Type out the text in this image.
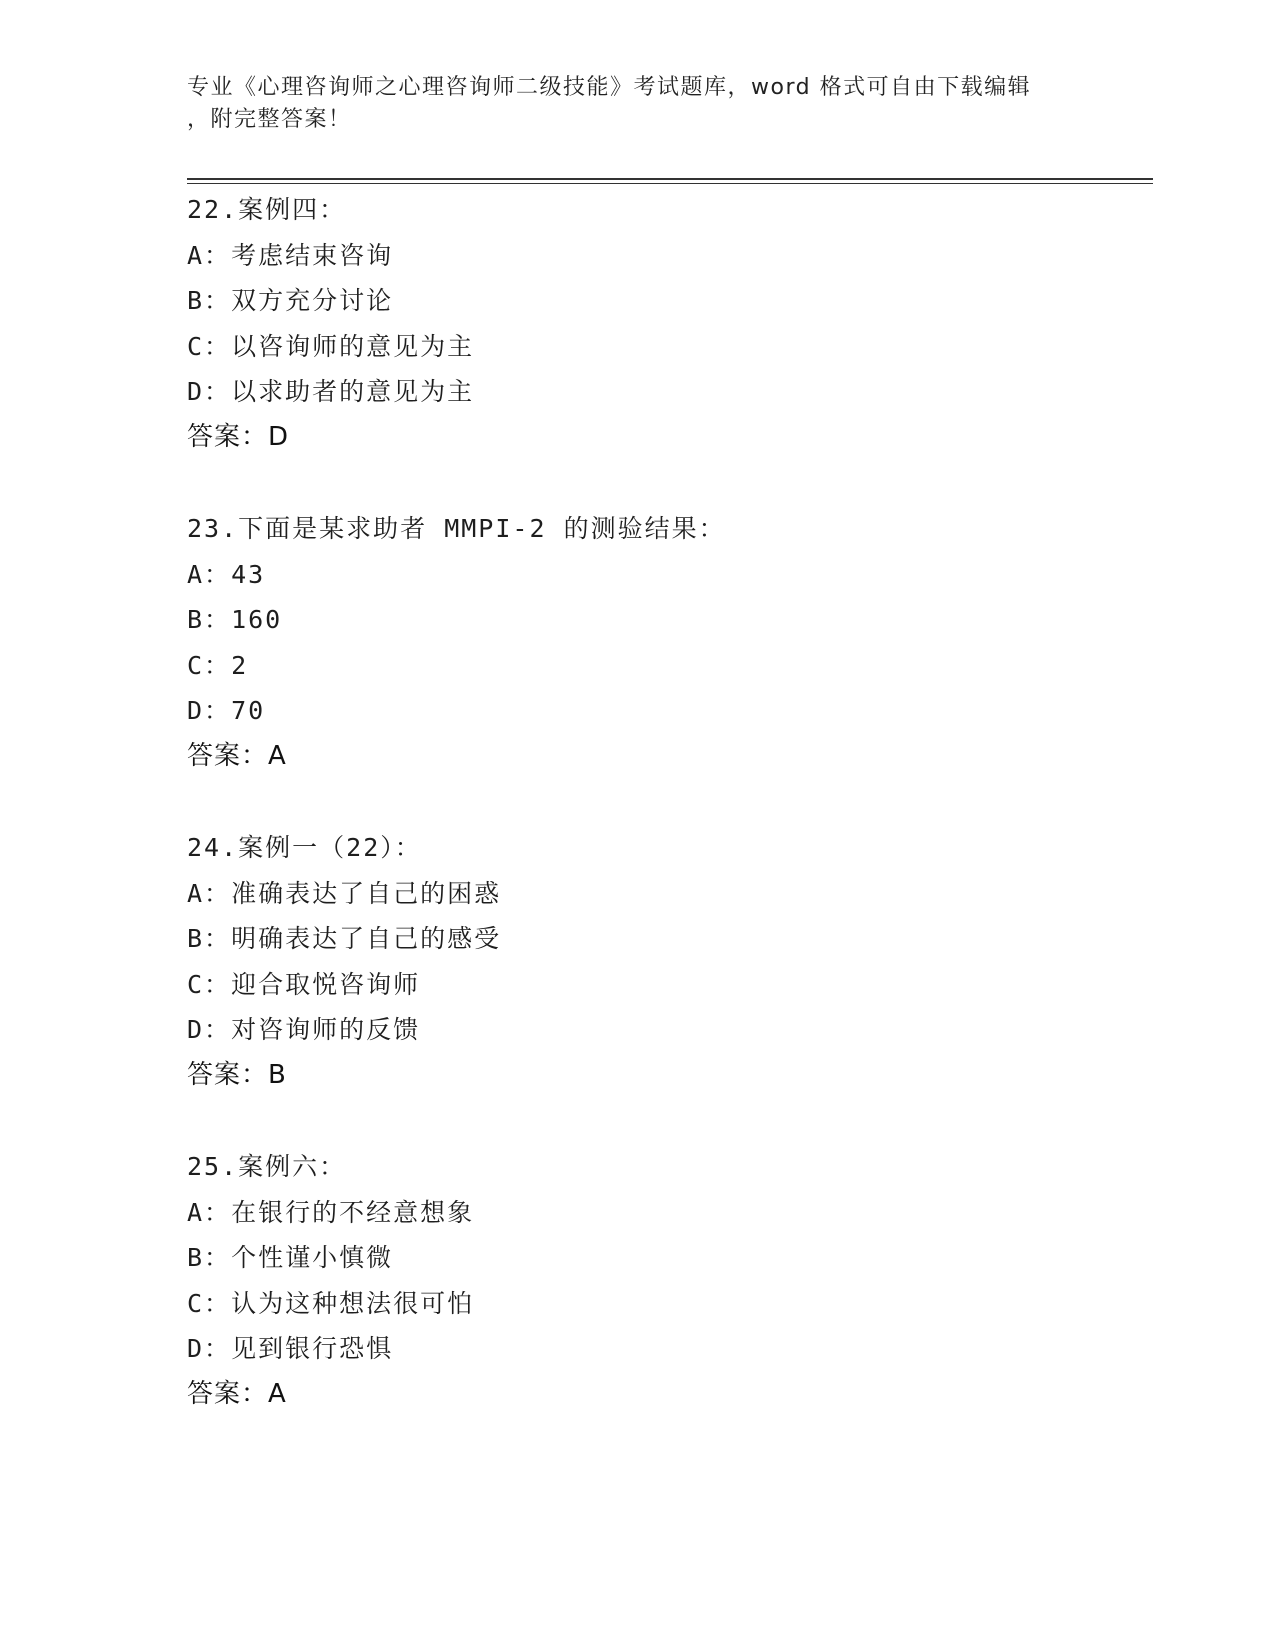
专业《心理咨询师之心理咨询师二级技能》考试题库，word 格式可自由下载编辑
，附完整答案！
22.案例四：
A：考虑结束咨询
B：双方充分讨论
C：以咨询师的意见为主
D：以求助者的意见为主
答案：D
23.下面是某求助者 MMPI-2 的测验结果：
A：43
B：160
C：2
D：70
答案：A
24.案例一（22）：
A：准确表达了自己的困惑
B：明确表达了自己的感受
C：迎合取悦咨询师
D：对咨询师的反馈
答案：B
25.案例六：
A：在银行的不经意想象
B：个性谨小慎微
C：认为这种想法很可怕
D：见到银行恐惧
答案：A
